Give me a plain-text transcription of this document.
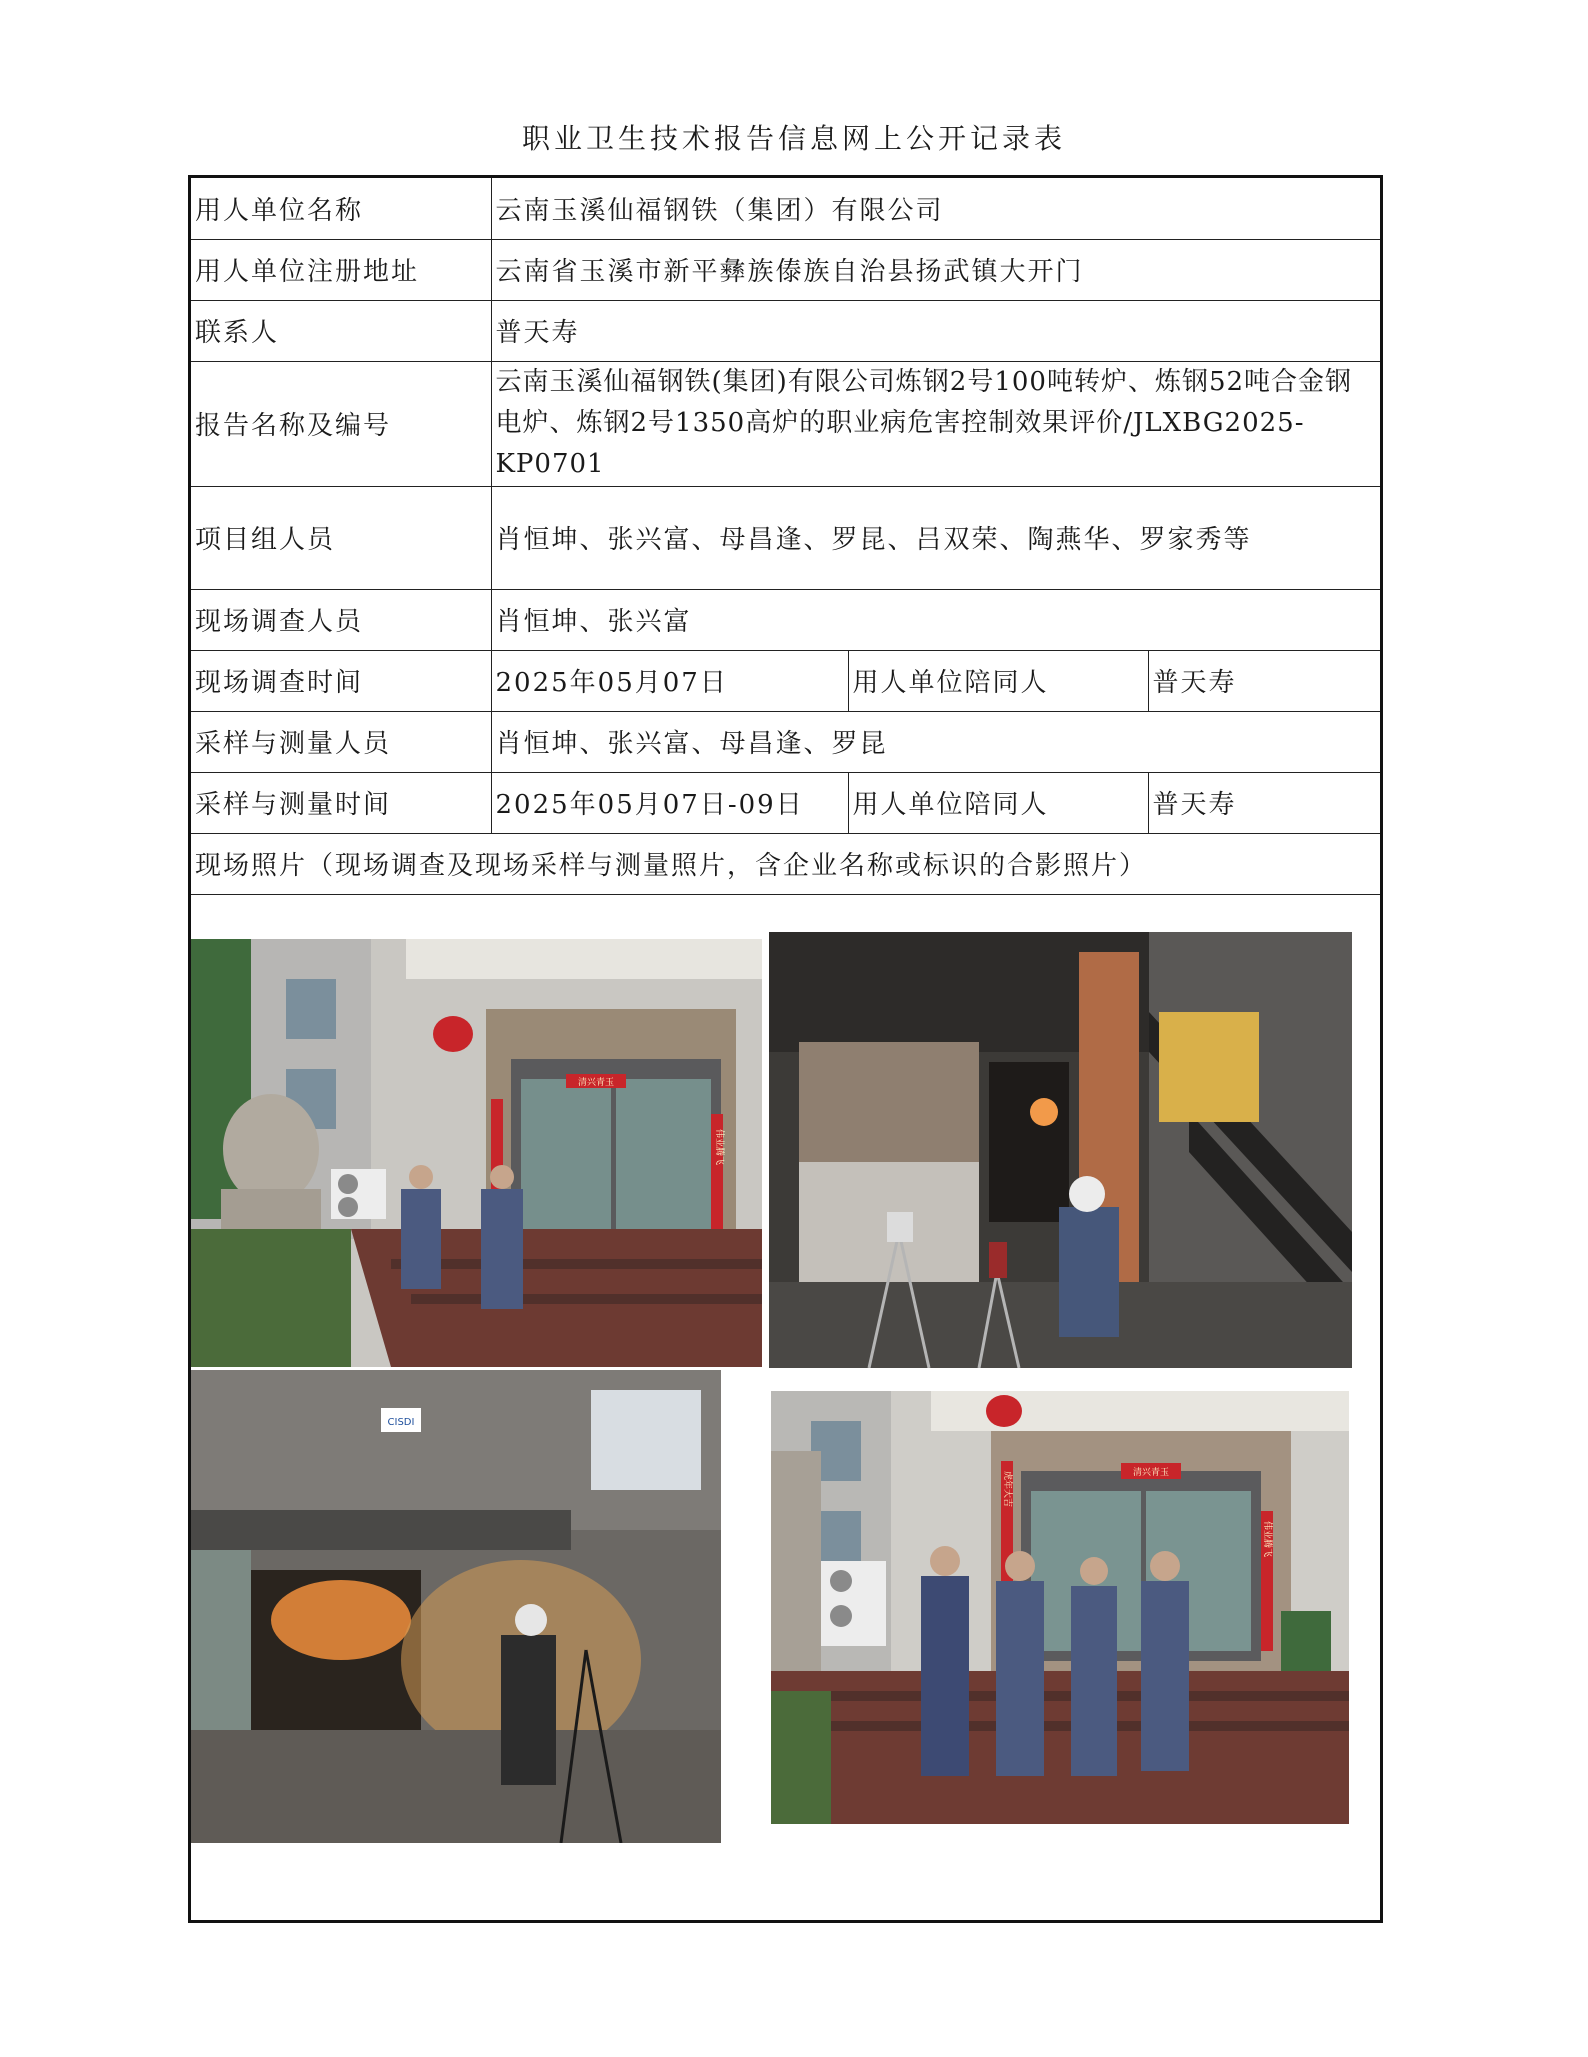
职业卫生技术报告信息网上公开记录表
用人单位名称	云南玉溪仙福钢铁（集团）有限公司		
用人单位注册地址	云南省玉溪市新平彝族傣族自治县扬武镇大开门		
联系人	普天寿		
报告名称及编号	云南玉溪仙福钢铁(集团)有限公司炼钢2号100吨转炉、炼钢52吨合金钢电炉、炼钢2号1350高炉的职业病危害控制效果评价/JLXBG2025-KP0701		
项目组人员	肖恒坤、张兴富、母昌逢、罗昆、吕双荣、陶燕华、罗家秀等		
现场调查人员	肖恒坤、张兴富		
现场调查时间	2025年05月07日	用人单位陪同人	普天寿
采样与测量人员	肖恒坤、张兴富、母昌逢、罗昆		
采样与测量时间	2025年05月07日-09日	用人单位陪同人	普天寿
现场照片（现场调查及现场采样与测量照片，含企业名称或标识的合影照片）			
清兴青玉
伟业腾飞
CISDI
清兴青玉
虎年大吉
伟业腾飞
